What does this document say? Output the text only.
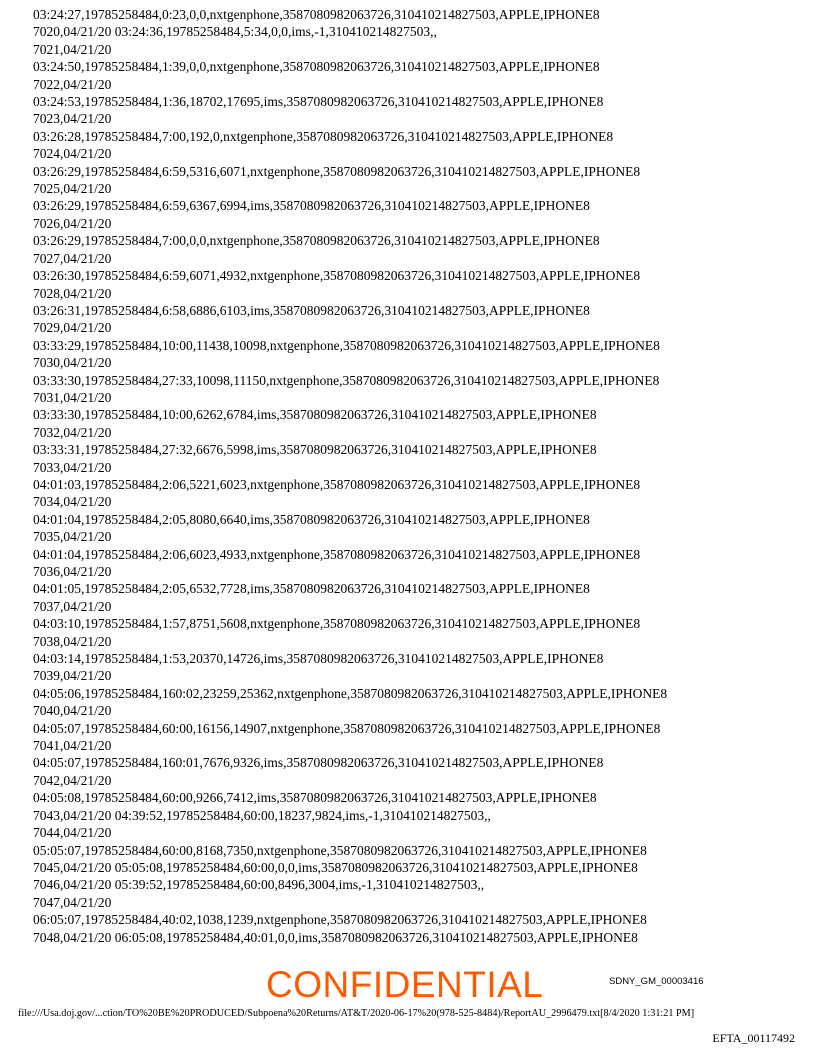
03:24:27,19785258484,0:23,0,0,nxtgenphone,3587080982063726,310410214827503,APPLE,IPHONE8
7020,04/21/20 03:24:36,19785258484,5:34,0,0,ims,-1,310410214827503,,
7021,04/21/20
03:24:50,19785258484,1:39,0,0,nxtgenphone,3587080982063726,310410214827503,APPLE,IPHONE8
7022,04/21/20
03:24:53,19785258484,1:36,18702,17695,ims,3587080982063726,310410214827503,APPLE,IPHONE8
7023,04/21/20
03:26:28,19785258484,7:00,192,0,nxtgenphone,3587080982063726,310410214827503,APPLE,IPHONE8
7024,04/21/20
03:26:29,19785258484,6:59,5316,6071,nxtgenphone,3587080982063726,310410214827503,APPLE,IPHONE8
7025,04/21/20
03:26:29,19785258484,6:59,6367,6994,ims,3587080982063726,310410214827503,APPLE,IPHONE8
7026,04/21/20
03:26:29,19785258484,7:00,0,0,nxtgenphone,3587080982063726,310410214827503,APPLE,IPHONE8
7027,04/21/20
03:26:30,19785258484,6:59,6071,4932,nxtgenphone,3587080982063726,310410214827503,APPLE,IPHONE8
7028,04/21/20
03:26:31,19785258484,6:58,6886,6103,ims,3587080982063726,310410214827503,APPLE,IPHONE8
7029,04/21/20
03:33:29,19785258484,10:00,11438,10098,nxtgenphone,3587080982063726,310410214827503,APPLE,IPHONE8
7030,04/21/20
03:33:30,19785258484,27:33,10098,11150,nxtgenphone,3587080982063726,310410214827503,APPLE,IPHONE8
7031,04/21/20
03:33:30,19785258484,10:00,6262,6784,ims,3587080982063726,310410214827503,APPLE,IPHONE8
7032,04/21/20
03:33:31,19785258484,27:32,6676,5998,ims,3587080982063726,310410214827503,APPLE,IPHONE8
7033,04/21/20
04:01:03,19785258484,2:06,5221,6023,nxtgenphone,3587080982063726,310410214827503,APPLE,IPHONE8
7034,04/21/20
04:01:04,19785258484,2:05,8080,6640,ims,3587080982063726,310410214827503,APPLE,IPHONE8
7035,04/21/20
04:01:04,19785258484,2:06,6023,4933,nxtgenphone,3587080982063726,310410214827503,APPLE,IPHONE8
7036,04/21/20
04:01:05,19785258484,2:05,6532,7728,ims,3587080982063726,310410214827503,APPLE,IPHONE8
7037,04/21/20
04:03:10,19785258484,1:57,8751,5608,nxtgenphone,3587080982063726,310410214827503,APPLE,IPHONE8
7038,04/21/20
04:03:14,19785258484,1:53,20370,14726,ims,3587080982063726,310410214827503,APPLE,IPHONE8
7039,04/21/20
04:05:06,19785258484,160:02,23259,25362,nxtgenphone,3587080982063726,310410214827503,APPLE,IPHONE8
7040,04/21/20
04:05:07,19785258484,60:00,16156,14907,nxtgenphone,3587080982063726,310410214827503,APPLE,IPHONE8
7041,04/21/20
04:05:07,19785258484,160:01,7676,9326,ims,3587080982063726,310410214827503,APPLE,IPHONE8
7042,04/21/20
04:05:08,19785258484,60:00,9266,7412,ims,3587080982063726,310410214827503,APPLE,IPHONE8
7043,04/21/20 04:39:52,19785258484,60:00,18237,9824,ims,-1,310410214827503,,
7044,04/21/20
05:05:07,19785258484,60:00,8168,7350,nxtgenphone,3587080982063726,310410214827503,APPLE,IPHONE8
7045,04/21/20 05:05:08,19785258484,60:00,0,0,ims,3587080982063726,310410214827503,APPLE,IPHONE8
7046,04/21/20 05:39:52,19785258484,60:00,8496,3004,ims,-1,310410214827503,,
7047,04/21/20
06:05:07,19785258484,40:02,1038,1239,nxtgenphone,3587080982063726,310410214827503,APPLE,IPHONE8
7048,04/21/20 06:05:08,19785258484,40:01,0,0,ims,3587080982063726,310410214827503,APPLE,IPHONE8
SDNY_GM_00003416
CONFIDENTIAL
file:///Usa.doj.gov/...ction/TO%20BE%20PRODUCED/Subpoena%20Returns/AT&T/2020-06-17%20(978-525-8484)/ReportAU_2996479.txt[8/4/2020 1:31:21 PM]
EFTA_00117492
